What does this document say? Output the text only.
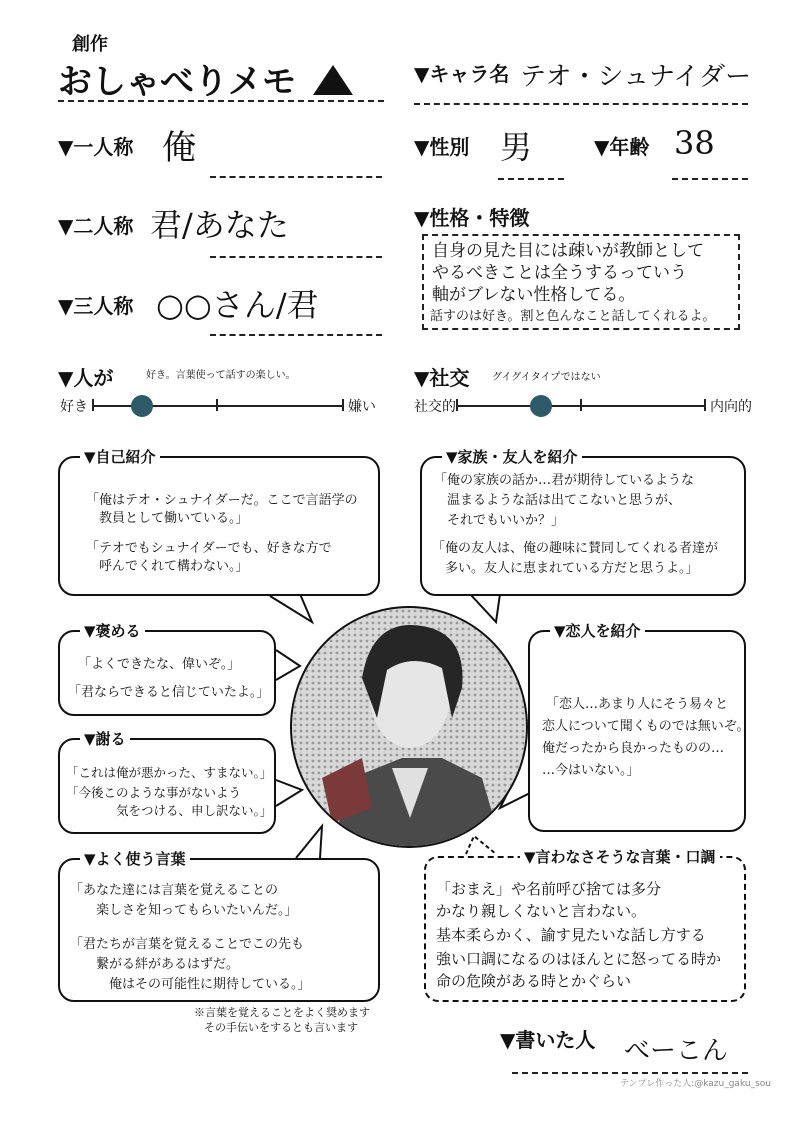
創作
おしゃべりメモ	▼キャラ名 テオ・シュナイダー
▼一人称 俺
▼二人称 君/あなた
▼三人称 ○○さん/君
▼性別 男	▼年齢 38
▼性格・特徴
自身の見た目には疎いが教師として
やるべきことは全うするっていう
軸がブレない性格してる。
話すのは好き。割と色んなこと話してくれるよ。
▼人が	好き。言葉使って話すの楽しい。
好き	嫌い
▼社交 グイグイタイプではない
社交的	内向的
▼自己紹介
「俺はテオ・シュナイダーだ。ここで言語学の
　教員として働いている。」
「テオでもシュナイダーでも、好きな方で
　呼んでくれて構わない。」
▼家族・友人を紹介
「俺の家族の話か…君が期待しているような
　温まるような話は出てこないと思うが、
　それでもいいか？」
「俺の友人は、俺の趣味に賛同してくれる者達が
　多い。友人に恵まれている方だと思うよ。」
▼褒める
「よくできたな、偉いぞ。」
「君ならできると信じていたよ。」
▼恋人を紹介
「恋人…あまり人にそう易々と
恋人について聞くものでは無いぞ。
俺だったから良かったものの…
…今はいない。」
▼謝る
「これは俺が悪かった、すまない。」
「今後このような事がないよう
　　　　気をつける、申し訳ない。」
▼よく使う言葉
「あなた達には言葉を覚えることの
　　楽しさを知ってもらいたいんだ。」
「君たちが言葉を覚えることでこの先も
　　繋がる絆があるはずだ。
　　　俺はその可能性に期待している。」
※言葉を覚えることをよく奨めます
その手伝いをするとも言います
▼言わなさそうな言葉・口調
「おまえ」や名前呼び捨ては多分
かなり親しくないと言わない。
基本柔らかく、諭す見たいな話し方する
強い口調になるのはほんとに怒ってる時か
命の危険がある時とかぐらい
▼書いた人 べーこん
テンプレ作った人:@kazu_gaku_sou
